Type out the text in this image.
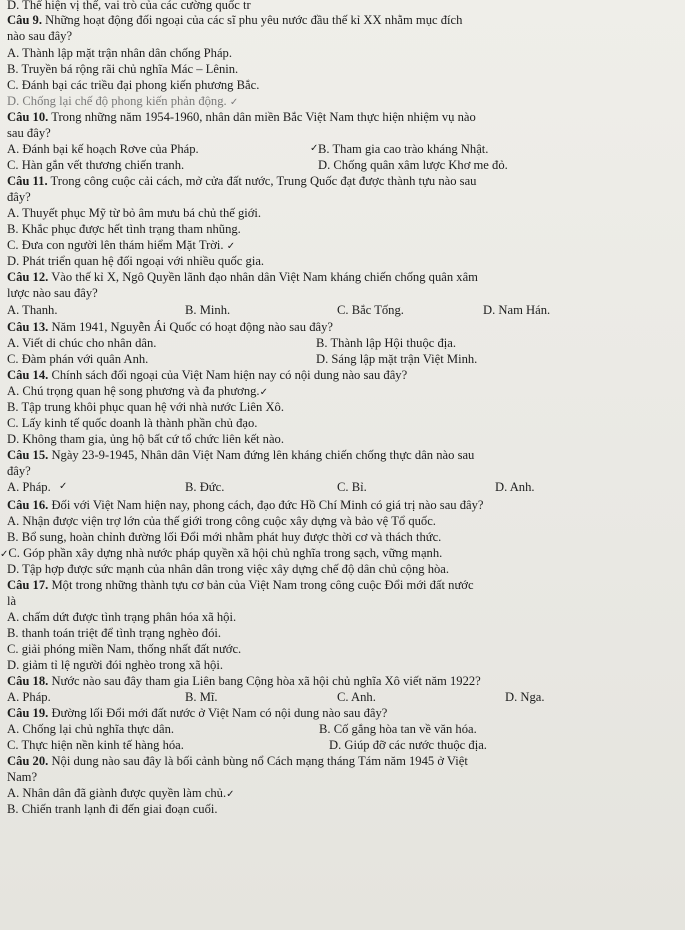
D. Thể hiện vị thế, vai trò của các cường quốc tr
Câu 9. Những hoạt động đối ngoại của các sĩ phu yêu nước đầu thế kỉ XX nhằm mục đích
nào sau đây?
A. Thành lập mặt trận nhân dân chống Pháp.
B. Truyền bá rộng rãi chủ nghĩa Mác – Lênin.
C. Đánh bại các triều đại phong kiến phương Bắc.
D. Chống lại chế độ phong kiến phản động. ✓
Câu 10. Trong những năm 1954-1960, nhân dân miền Bắc Việt Nam thực hiện nhiệm vụ nào
sau đây?
A. Đánh bại kế hoạch Rơve của Pháp.	✓ B. Tham gia cao trào kháng Nhật.
C. Hàn gắn vết thương chiến tranh.	D. Chống quân xâm lược Khơ me đỏ.
Câu 11. Trong công cuộc cải cách, mở cửa đất nước, Trung Quốc đạt được thành tựu nào sau
đây?
A. Thuyết phục Mỹ từ bỏ âm mưu bá chủ thế giới.
B. Khắc phục được hết tình trạng tham nhũng.
C. Đưa con người lên thám hiểm Mặt Trời. ✓
D. Phát triển quan hệ đối ngoại với nhiều quốc gia.
Câu 12. Vào thế kỉ X, Ngô Quyền lãnh đạo nhân dân Việt Nam kháng chiến chống quân xâm
lược nào sau đây?
A. Thanh.	B. Minh.	C. Bắc Tống.	D. Nam Hán.
Câu 13. Năm 1941, Nguyễn Ái Quốc có hoạt động nào sau đây?
A. Viết di chúc cho nhân dân.	B. Thành lập Hội thuộc địa.
C. Đàm phán với quân Anh.	D. Sáng lập mặt trận Việt Minh.
Câu 14. Chính sách đối ngoại của Việt Nam hiện nay có nội dung nào sau đây?
A. Chú trọng quan hệ song phương và đa phương.✓
B. Tập trung khôi phục quan hệ với nhà nước Liên Xô.
C. Lấy kinh tế quốc doanh là thành phần chủ đạo.
D. Không tham gia, ủng hộ bất cứ tổ chức liên kết nào.
Câu 15. Ngày 23-9-1945, Nhân dân Việt Nam đứng lên kháng chiến chống thực dân nào sau
đây?
A. Pháp. ✓	B. Đức.	C. Bỉ.	D. Anh.
Câu 16. Đối với Việt Nam hiện nay, phong cách, đạo đức Hồ Chí Minh có giá trị nào sau đây?
A. Nhận được viện trợ lớn của thế giới trong công cuộc xây dựng và bảo vệ Tổ quốc.
B. Bổ sung, hoàn chỉnh đường lối Đổi mới nhằm phát huy được thời cơ và thách thức.
✓C. Góp phần xây dựng nhà nước pháp quyền xã hội chủ nghĩa trong sạch, vững mạnh.
D. Tập hợp được sức mạnh của nhân dân trong việc xây dựng chế độ dân chủ cộng hòa.
Câu 17. Một trong những thành tựu cơ bản của Việt Nam trong công cuộc Đổi mới đất nước
là
A. chấm dứt được tình trạng phân hóa xã hội.
B. thanh toán triệt để tình trạng nghèo đói.
C. giải phóng miền Nam, thống nhất đất nước.
D. giảm tỉ lệ người đói nghèo trong xã hội.
Câu 18. Nước nào sau đây tham gia Liên bang Cộng hòa xã hội chủ nghĩa Xô viết năm 1922?
A. Pháp.	B. Mĩ.	C. Anh.	D. Nga.
Câu 19. Đường lối Đổi mới đất nước ở Việt Nam có nội dung nào sau đây?
A. Chống lại chủ nghĩa thực dân.	B. Cố gắng hòa tan về văn hóa.
C. Thực hiện nền kinh tế hàng hóa.	D. Giúp đỡ các nước thuộc địa.
Câu 20. Nội dung nào sau đây là bối cảnh bùng nổ Cách mạng tháng Tám năm 1945 ở Việt
Nam?
A. Nhân dân đã giành được quyền làm chủ.✓
B. Chiến tranh lạnh đi đến giai đoạn cuối.
